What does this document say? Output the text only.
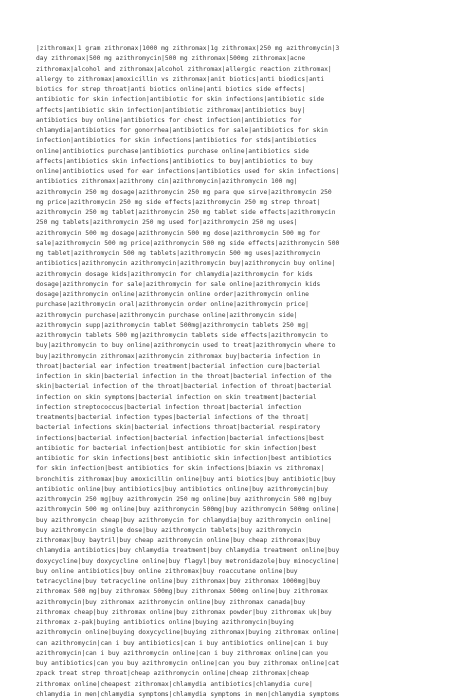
|zithromax|1 gram zithromax|1000 mg zithromax|1g zithromax|250 mg azithromycin|3
day zithromax|500 mg azithromycin|500 mg zithromax|500mg zithromax|acne
zithromax|alcohol and zithromax|alcohol zithromax|allergic reaction zithromax|
allergy to zithromax|amoxicillin vs zithromax|anit biotics|anti biodics|anti
biotics for strep throat|anti biotics online|anti biotics side effects|
antibiotic for skin infection|antibiotic for skin infections|antibiotic side
affects|antibiotic skin infection|antibiotic zithromax|antibiotics buy|
antibiotics buy online|antibiotics for chest infection|antibiotics for
chlamydia|antibiotics for gonorrhea|antibiotics for sale|antibiotics for skin
infection|antibiotics for skin infections|antibiotics for stds|antibiotics
online|antibiotics purchase|antibiotics purchase online|antibiotics side
affects|antibiotics skin infections|antibiotics to buy|antibiotics to buy
online|antibiotics used for ear infections|antibiotics used for skin infections|
antibiotics zithromax|azithromy cin|azithromycin|azithromycin 100 mg|
azithromycin 250 mg dosage|azithromycin 250 mg para que sirve|azithromycin 250
mg price|azithromycin 250 mg side effects|azithromycin 250 mg strep throat|
azithromycin 250 mg tablet|azithromycin 250 mg tablet side effects|azithromycin
250 mg tablets|azithromycin 250 mg used for|azithromycin 250 mg uses|
azithromycin 500 mg dosage|azithromycin 500 mg dose|azithromycin 500 mg for
sale|azithromycin 500 mg price|azithromycin 500 mg side effects|azithromycin 500
mg tablet|azithromycin 500 mg tablets|azithromycin 500 mg uses|azithromycin
antibiotics|azithromycin azithromycin|azithromycin buy|azithromycin buy online|
azithromycin dosage kids|azithromycin for chlamydia|azithromycin for kids
dosage|azithromycin for sale|azithromycin for sale online|azithromycin kids
dosage|azithromycin online|azithromycin online order|azithromycin online
purchase|azithromycin oral|azithromycin order online|azithromycin price|
azithromycin purchase|azithromycin purchase online|azithromycin side|
azithromycin supp|azithromycin tablet 500mg|azithromycin tablets 250 mg|
azithromycin tablets 500 mg|azithromycin tablets side effects|azithromycin to
buy|azithromycin to buy online|azithromycin used to treat|azithromycin where to
buy|azithromycin zithromax|azithromycin zithromax buy|bacteria infection in
throat|bacterial ear infection treatment|bacterial infection cure|bacterial
infection in skin|bacterial infection in the throat|bacterial infection of the
skin|bacterial infection of the throat|bacterial infection of throat|bacterial
infection on skin symptoms|bacterial infection on skin treatment|bacterial
infection streptococcus|bacterial infection throat|bacterial infection
treatments|bacterial infection types|bacterial infections of the throat|
bacterial infections skin|bacterial infections throat|bacterial respiratory
infections|bacterial infection|bacterial infection|bacterial infections|best
antibiotic for bacterial infection|best antibiotic for skin infection|best
antibiotic for skin infections|best antibiotic skin infection|best antibiotics
for skin infection|best antibiotics for skin infections|biaxin vs zithromax|
bronchitis zithromax|buy amoxicillin online|buy anti biotics|buy antibiotic|buy
antibiotic online|buy antibiotics|buy antibiotics online|buy azithromycin|buy
azithromycin 250 mg|buy azithromycin 250 mg online|buy azithromycin 500 mg|buy
azithromycin 500 mg online|buy azithromycin 500mg|buy azithromycin 500mg online|
buy azithromycin cheap|buy azithromycin for chlamydia|buy azithromycin online|
buy azithromycin single dose|buy azithromycin tablets|buy azithromycin
zithromax|buy baytril|buy cheap azithromycin online|buy cheap zithromax|buy
chlamydia antibiotics|buy chlamydia treatment|buy chlamydia treatment online|buy
doxycycline|buy doxycycline online|buy flagyl|buy metronidazole|buy minocycline|
buy online antibiotics|buy online zithromax|buy roaccutane online|buy
tetracycline|buy tetracycline online|buy zithromax|buy zithromax 1000mg|buy
zithromax 500 mg|buy zithromax 500mg|buy zithromax 500mg online|buy zithromax
azithromycin|buy zithromax azithromycin online|buy zithromax canada|buy
zithromax cheap|buy zithromax online|buy zithromax powder|buy zithromax uk|buy
zithromax z-pak|buying antibiotics online|buying azithromycin|buying
azithromycin online|buying doxycycline|buying zithromax|buying zithromax online|
can azithromycin|can i buy antibiotics|can i buy antibiotics online|can i buy
azithromycin|can i buy azithromycin online|can i buy zithromax online|can you
buy antibiotics|can you buy azithromycin online|can you buy zithromax online|cat
zpack treat strep throat|cheap azithromycin online|cheap zithromax|cheap
zithromax online|cheapest zithromax|chlamydia antibiotics|chlamydia cure|
chlamydia in men|chlamydia symptoms|chlamydia symptoms in men|chlamydia symptoms
